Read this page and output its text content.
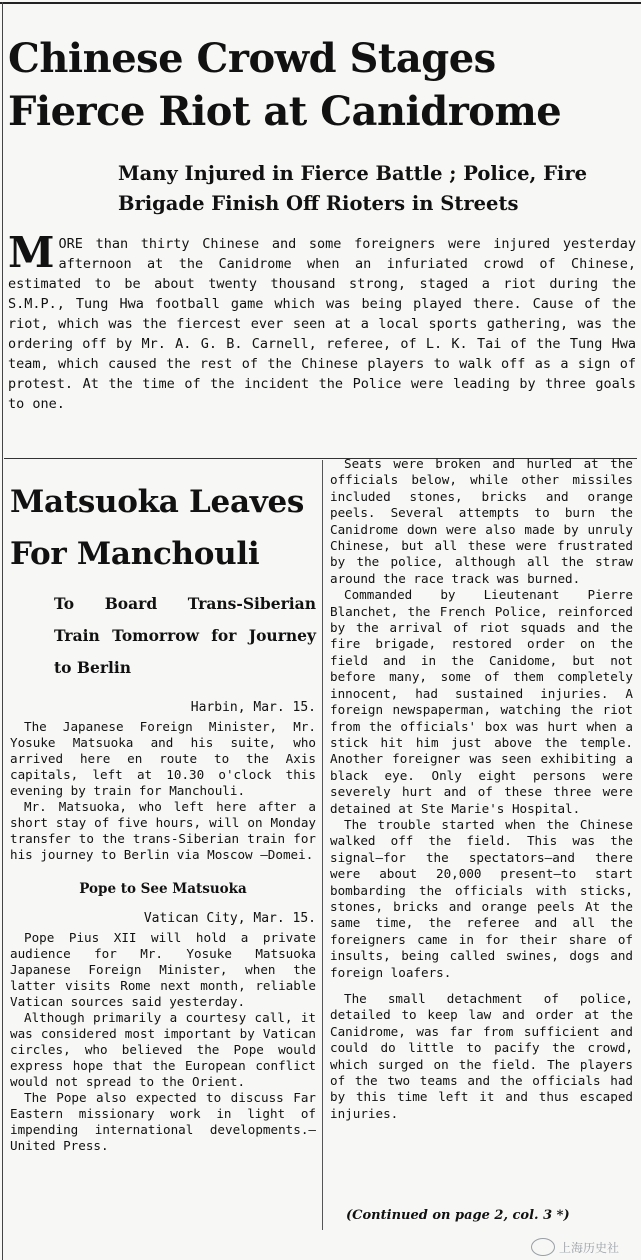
Chinese Crowd Stages Fierce Riot at Canidrome
Many Injured in Fierce Battle ; Police, Fire Brigade Finish Off Rioters in Streets
M ORE than thirty Chinese and some foreigners were injured yesterday afternoon at the Canidrome when an infuriated crowd of Chinese, estimated to be about twenty thousand strong, staged a riot during the S.M.P., Tung Hwa football game which was being played there. Cause of the riot, which was the fiercest ever seen at a local sports gathering, was the ordering off by Mr. A. G. B. Carnell, referee, of L. K. Tai of the Tung Hwa team, which caused the rest of the Chinese players to walk off as a sign of protest. At the time of the incident the Police were leading by three goals to one.
Matsuoka Leaves For Manchouli
To Board Trans-Siberian Train Tomorrow for Journey to Berlin
Harbin, Mar. 15.

The Japanese Foreign Minister, Mr. Yosuke Matsuoka and his suite, who arrived here en route to the Axis capitals, left at 10.30 o'clock this evening by train for Manchouli.

Mr. Matsuoka, who left here after a short stay of five hours, will on Monday transfer to the trans-Siberian train for his journey to Berlin via Moscow —Domei.

Pope to See Matsuoka
Vatican City, Mar. 15.

Pope Pius XII will hold a private audience for Mr. Yosuke Matsuoka Japanese Foreign Minister, when the latter visits Rome next month, reliable Vatican sources said yesterday.

Although primarily a courtesy call, it was considered most important by Vatican circles, who believed the Pope would express hope that the European conflict would not spread to the Orient.

The Pope also expected to discuss Far Eastern missionary work in light of impending international developments.—United Press.

Seats were broken and hurled at the officials below, while other missiles included stones, bricks and orange peels. Several attempts to burn the Canidrome down were also made by unruly Chinese, but all these were frustrated by the police, although all the straw around the race track was burned.

Commanded by Lieutenant Pierre Blanchet, the French Police, reinforced by the arrival of riot squads and the fire brigade, restored order on the field and in the Canidome, but not before many, some of them completely innocent, had sustained injuries. A foreign newspaperman, watching the riot from the officials' box was hurt when a stick hit him just above the temple. Another foreigner was seen exhibiting a black eye. Only eight persons were severely hurt and of these three were detained at Ste Marie's Hospital.

The trouble started when the Chinese walked off the field. This was the signal—for the spectators—and there were about 20,000 present—to start bombarding the officials with sticks, stones, bricks and orange peels At the same time, the referee and all the foreigners came in for their share of insults, being called swines, dogs and foreign loafers.

The small detachment of police, detailed to keep law and order at the Canidrome, was far from sufficient and could do little to pacify the crowd, which surged on the field. The players of the two teams and the officials had by this time left it and thus escaped injuries.

(Continued on page 2, col. 3 *)
上海历史社
